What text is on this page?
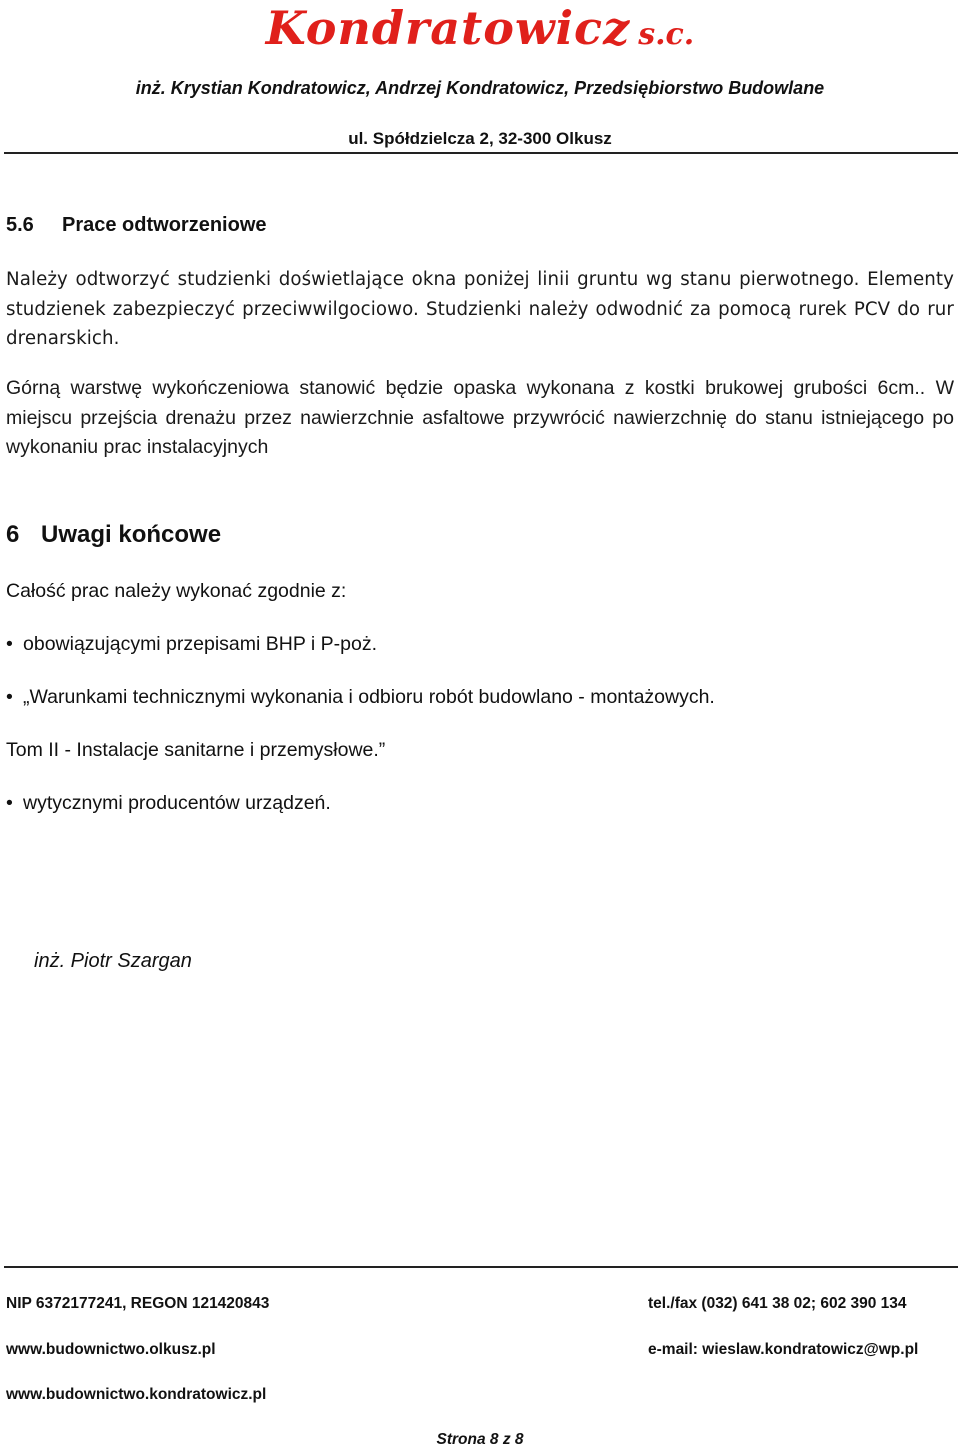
Kondratowicz s.c.
inż. Krystian Kondratowicz, Andrzej Kondratowicz, Przedsiębiorstwo Budowlane
ul. Spółdzielcza 2, 32-300 Olkusz
5.6 Prace odtworzeniowe
Należy odtworzyć studzienki doświetlające okna poniżej linii gruntu wg stanu pierwotnego. Elementy studzienek zabezpieczyć przeciwwilgociowo. Studzienki należy odwodnić za pomocą rurek PCV do rur drenarskich.
Górną warstwę wykończeniowa stanowić będzie opaska wykonana z kostki brukowej grubości 6cm.. W miejscu przejścia drenażu przez nawierzchnie asfaltowe przywrócić nawierzchnię do stanu istniejącego po wykonaniu prac instalacyjnych
6 Uwagi końcowe
Całość prac należy wykonać zgodnie z:
• obowiązującymi przepisami BHP i P-poż.
• „Warunkami technicznymi wykonania i odbioru robót budowlano - montażowych.
Tom II - Instalacje sanitarne i przemysłowe.”
• wytycznymi producentów urządzeń.
inż. Piotr Szargan
NIP 6372177241, REGON 121420843	tel./fax (032) 641 38 02; 602 390 134
www.budownictwo.olkusz.pl	e-mail: wieslaw.kondratowicz@wp.pl
www.budownictwo.kondratowicz.pl
Strona 8 z 8
